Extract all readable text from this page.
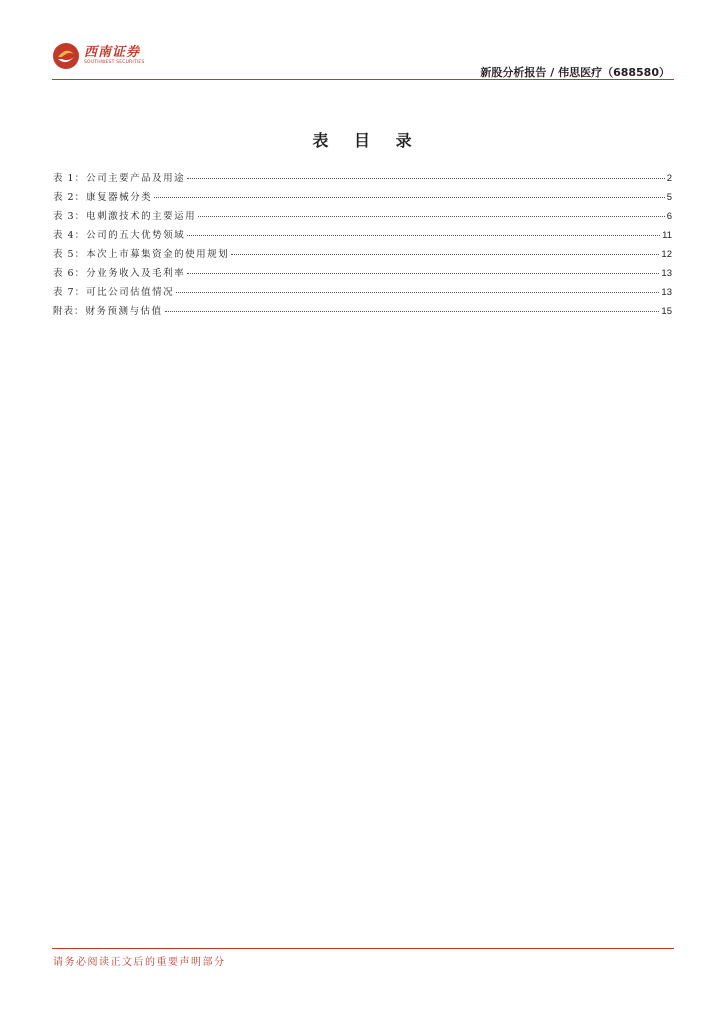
西南证券
SOUTHWEST SECURITIES
新股分析报告 / 伟思医疗（688580）
表 目 录
表 1 ： 公司主要产品及用途	2
表 2 ： 康复器械分类	5
表 3 ： 电刺激技术的主要运用	6
表 4 ： 公司的五大优势领域	11
表 5 ： 本次上市募集资金的使用规划	12
表 6 ： 分业务收入及毛利率	13
表 7 ： 可比公司估值情况	13
附表 ： 财务预测与估值	15
请务必阅读正文后的重要声明部分
